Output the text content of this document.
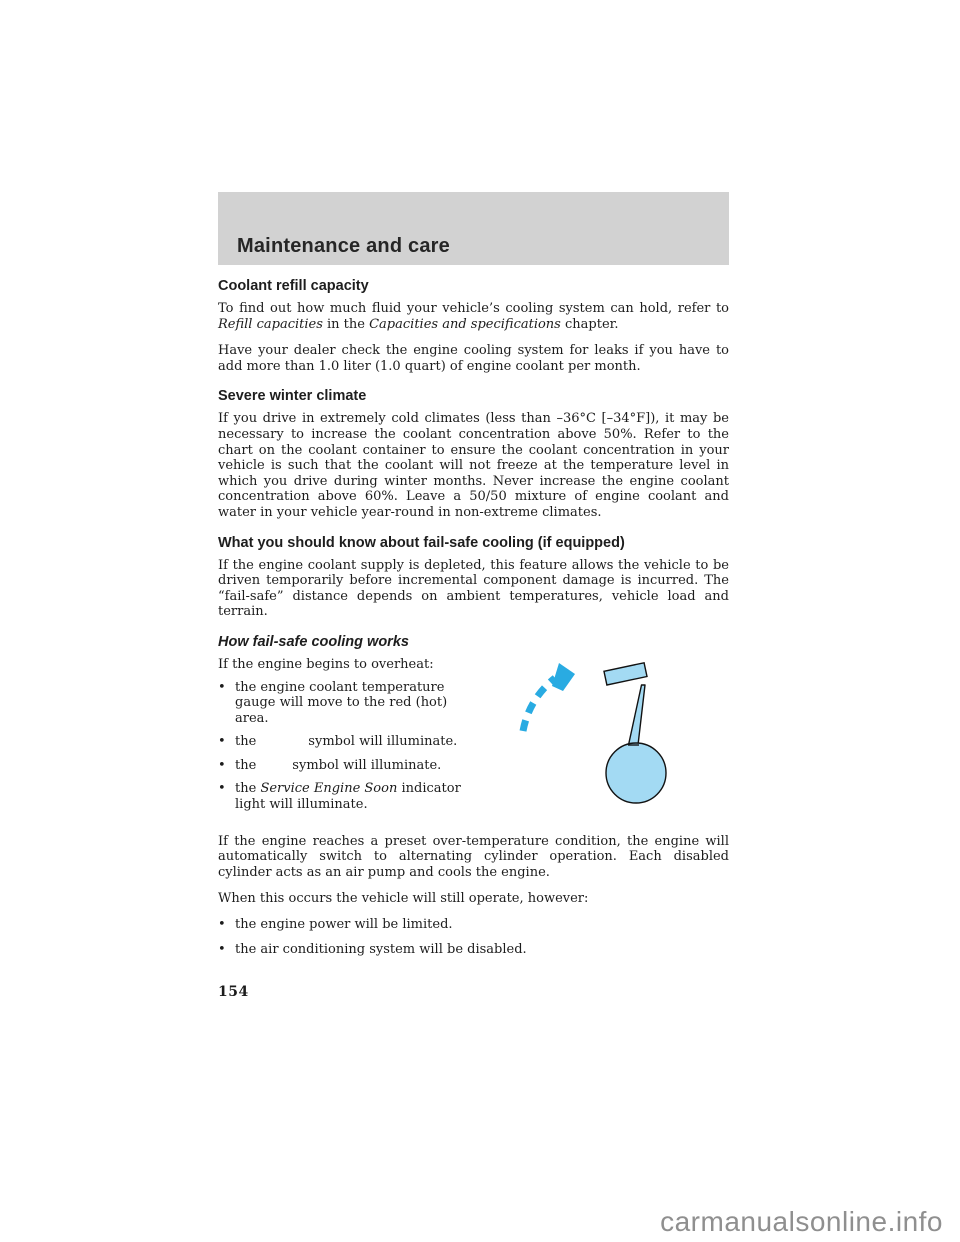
Maintenance and care
Coolant refill capacity

To find out how much fluid your vehicle’s cooling system can hold, refer to Refill capacities in the Capacities and specifications chapter.

Have your dealer check the engine cooling system for leaks if you have to add more than 1.0 liter (1.0 quart) of engine coolant per month.

Severe winter climate

If you drive in extremely cold climates (less than –36°C [–34°F]), it may be necessary to increase the coolant concentration above 50%. Refer to the chart on the coolant container to ensure the coolant concentration in your vehicle is such that the coolant will not freeze at the temperature level in which you drive during winter months. Never increase the engine coolant concentration above 60%. Leave a 50/50 mixture of engine coolant and water in your vehicle year-round in non-extreme climates.

What you should know about fail-safe cooling (if equipped)

If the engine coolant supply is depleted, this feature allows the vehicle to be driven temporarily before incremental component damage is incurred. The “fail-safe” distance depends on ambient temperatures, vehicle load and terrain.

How fail-safe cooling works

If the engine begins to overheat:

• the engine coolant temperature gauge will move to the red (hot) area.
• the	symbol will illuminate.
• the	symbol will illuminate.
• the Service Engine Soon indicator light will illuminate.

If the engine reaches a preset over-temperature condition, the engine will automatically switch to alternating cylinder operation. Each disabled cylinder acts as an air pump and cools the engine.

When this occurs the vehicle will still operate, however:

• the engine power will be limited.
• the air conditioning system will be disabled.
154
carmanualsonline.info
